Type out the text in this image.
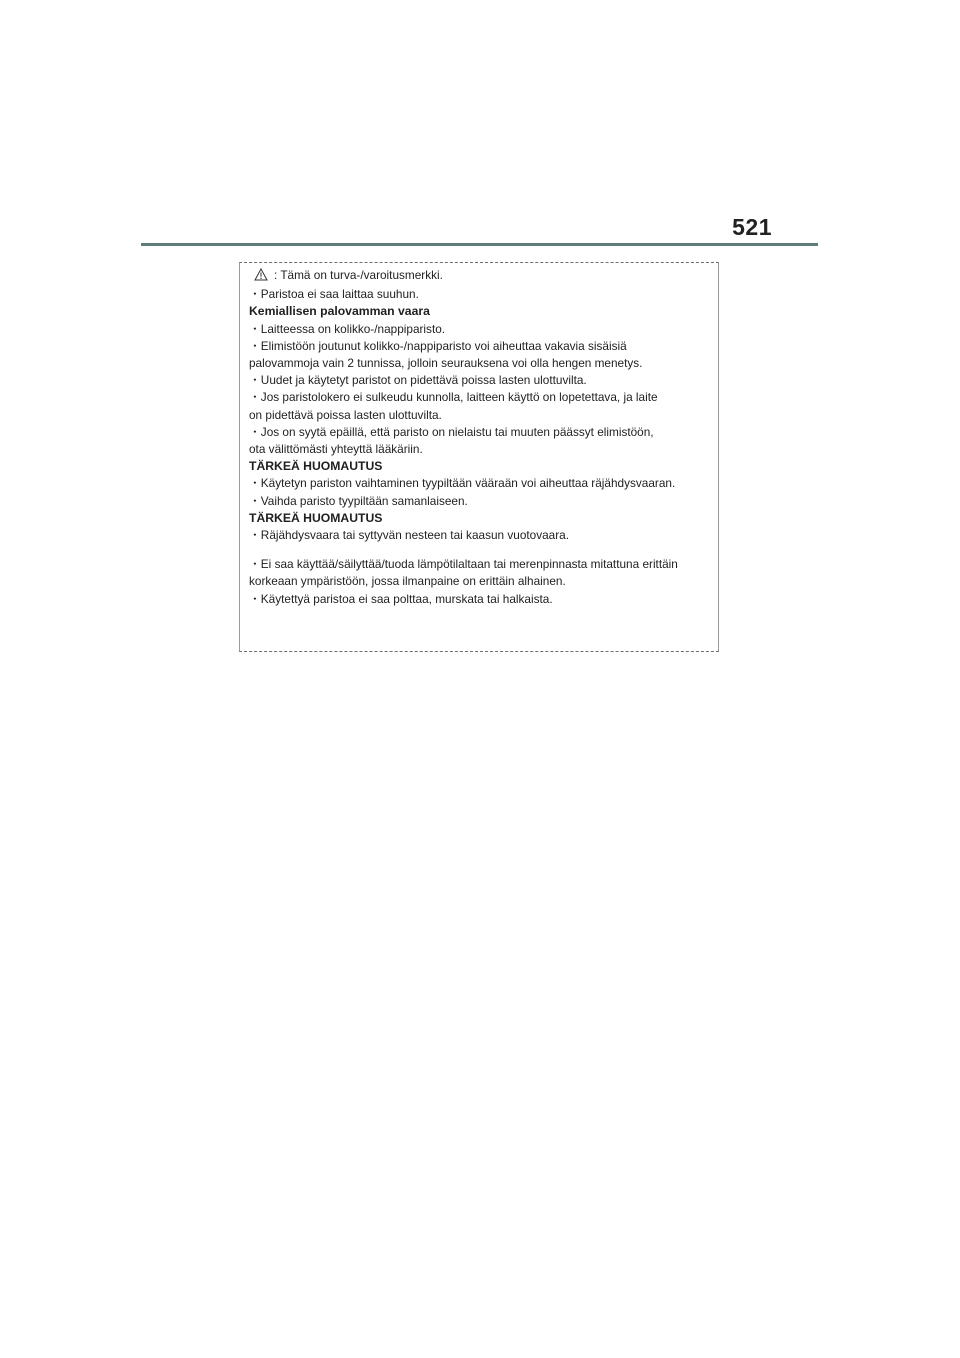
521
: Tämä on turva-/varoitusmerkki.
・Paristoa ei saa laittaa suuhun.
Kemiallisen palovamman vaara
・Laitteessa on kolikko-/nappiparisto.
・Elimistöön joutunut kolikko-/nappiparisto voi aiheuttaa vakavia sisäisiä
palovammoja vain 2 tunnissa, jolloin seurauksena voi olla hengen menetys.
・Uudet ja käytetyt paristot on pidettävä poissa lasten ulottuvilta.
・Jos paristolokero ei sulkeudu kunnolla, laitteen käyttö on lopetettava, ja laite
on pidettävä poissa lasten ulottuvilta.
・Jos on syytä epäillä, että paristo on nielaistu tai muuten päässyt elimistöön,
ota välittömästi yhteyttä lääkäriin.
TÄRKEÄ HUOMAUTUS
・Käytetyn pariston vaihtaminen tyypiltään vääraän voi aiheuttaa räjähdysvaaran.
・Vaihda paristo tyypiltään samanlaiseen.
TÄRKEÄ HUOMAUTUS
・Räjähdysvaara tai syttyvän nesteen tai kaasun vuotovaara.
・Ei saa käyttää/säilyttää/tuoda lämpötilaltaan tai merenpinnasta mitattuna erittäin
korkeaan ympäristöön, jossa ilmanpaine on erittäin alhainen.
・Käytettyä paristoa ei saa polttaa, murskata tai halkaista.
